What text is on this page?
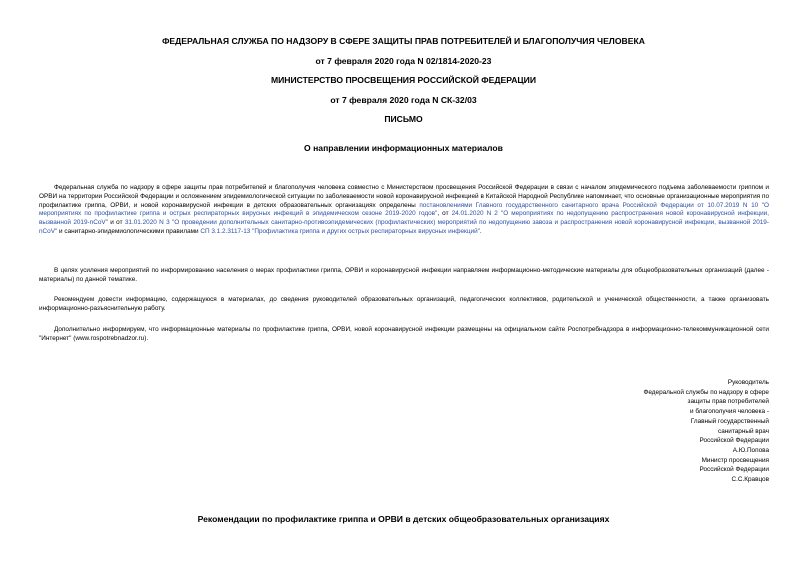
ФЕДЕРАЛЬНАЯ СЛУЖБА ПО НАДЗОРУ В СФЕРЕ ЗАЩИТЫ ПРАВ ПОТРЕБИТЕЛЕЙ И БЛАГОПОЛУЧИЯ ЧЕЛОВЕКА
от 7 февраля 2020 года N 02/1814-2020-23
МИНИСТЕРСТВО ПРОСВЕЩЕНИЯ РОССИЙСКОЙ ФЕДЕРАЦИИ
от 7 февраля 2020 года N СК-32/03
ПИСЬМО
О направлении информационных материалов

Федеральная служба по надзору в сфере защиты прав потребителей и благополучия человека совместно с Министерством просвещения Российской Федерации в связи с началом эпидемического подъема заболеваемости гриппом и ОРВИ на территории Российской Федерации и осложнением эпидемиологической ситуации по заболеваемости новой коронавирусной инфекцией в Китайской Народной Республике напоминает, что основные организационные мероприятия по профилактике гриппа, ОРВИ, и новой коронавирусной инфекции в детских образовательных организациях определены постановлениями Главного государственного санитарного врача Российской Федерации от 10.07.2019 N 10 "О мероприятиях по профилактике гриппа и острых респираторных вирусных инфекций в эпидемическом сезоне 2019-2020 годов", от 24.01.2020 N 2 "О мероприятиях по недопущению распространения новой коронавирусной инфекции, вызванной 2019-nCoV" и от 31.01.2020 N 3 "О проведении дополнительных санитарно-противоэпидемических (профилактических) мероприятий по недопущению завоза и распространения новой коронавирусной инфекции, вызванной 2019-nCoV" и санитарно-эпидемиологическими правилами СП 3.1.2.3117-13 "Профилактика гриппа и других острых респираторных вирусных инфекций".

В целях усиления мероприятий по информированию населения о мерах профилактики гриппа, ОРВИ и коронавирусной инфекции направляем информационно-методические материалы для общеобразовательных организаций (далее - материалы) по данной тематике.

Рекомендуем довести информацию, содержащуюся в материалах, до сведения руководителей образовательных организаций, педагогических коллективов, родительской и ученической общественности, а также организовать информационно-разъяснительную работу.

Дополнительно информируем, что информационные материалы по профилактике гриппа, ОРВИ, новой коронавирусной инфекции размещены на официальном сайте Роспотребнадзора в информационно-телекоммуникационной сети "Интернет" (www.rospotrebnadzor.ru).

Руководитель
Федеральной службы по надзору в сфере
защиты прав потребителей
и благополучия человека -
Главный государственный
санитарный врач
Российской Федерации
А.Ю.Попова
Министр просвещения
Российской Федерации
С.С.Кравцов
Рекомендации по профилактике гриппа и ОРВИ в детских общеобразовательных организациях
